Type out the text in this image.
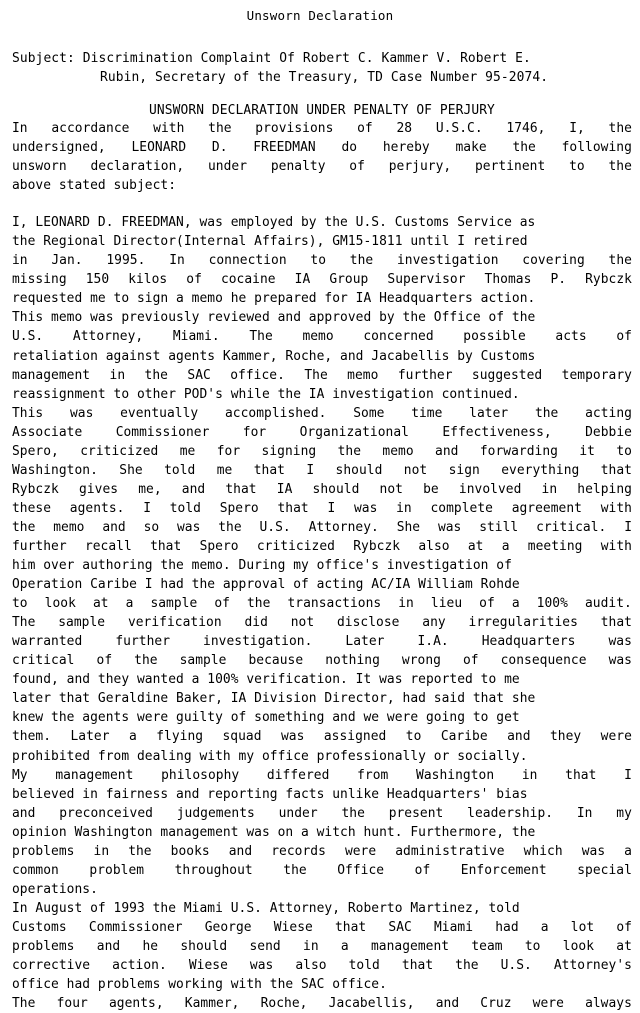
Unsworn Declaration
Subject: Discrimination Complaint Of Robert C. Kammer V. Robert E.
Rubin, Secretary of the Treasury, TD Case Number 95-2074.
UNSWORN DECLARATION UNDER PENALTY OF PERJURY
In accordance with the provisions of 28 U.S.C. 1746, I, the
undersigned, LEONARD D. FREEDMAN do hereby make the following
unsworn declaration, under penalty of perjury, pertinent to the
above stated subject:
I, LEONARD D. FREEDMAN, was employed by the U.S. Customs Service as
the Regional Director(Internal Affairs), GM15-1811 until I retired
in Jan. 1995. In connection to the investigation covering the
missing 150 kilos of cocaine IA Group Supervisor Thomas P. Rybczk
requested me to sign a memo he prepared for IA Headquarters action.
This memo was previously reviewed and approved by the Office of the
U.S. Attorney, Miami. The memo concerned possible acts of
retaliation against agents Kammer, Roche, and Jacabellis by Customs
management in the SAC office. The memo further suggested temporary
reassignment to other POD's while the IA investigation continued.
This was eventually accomplished. Some time later the acting
Associate	Commissioner	for	Organizational	Effectiveness,	Debbie
Spero, criticized me for signing the memo and forwarding it to
Washington. She told me that I should not sign everything that
Rybczk gives me, and that IA should not be involved in helping
these agents. I told Spero that I was in complete agreement with
the memo and so was the U.S. Attorney. She was still critical. I
further recall that Spero criticized Rybczk also at a meeting with
him over authoring the memo. During my office's investigation of
Operation Caribe I had the approval of acting AC/IA William Rohde
to look at a sample of the transactions in lieu of a 100% audit.
The sample verification did not disclose any irregularities that
warranted	further	investigation.	Later	I.A.	Headquarters	was
critical of the sample because nothing wrong of consequence was
found, and they wanted a 100% verification. It was reported to me
later that Geraldine Baker, IA Division Director, had said that she
knew the agents were guilty of something and we were going to get
them. Later a flying squad was assigned to Caribe and they were
prohibited from dealing with my office professionally or socially.
My management philosophy differed from Washington in that I
believed in fairness and reporting facts unlike Headquarters' bias
and preconceived judgements under the present leadership. In my
opinion Washington management was on a witch hunt. Furthermore, the
problems in the books and records were administrative which was a
common problem throughout the Office of Enforcement special
operations.
In August of 1993 the Miami U.S. Attorney, Roberto Martinez, told
Customs Commissioner George Wiese that SAC Miami had a lot of
problems and he should send in a management team to look at
corrective action. Wiese was also told that the U.S. Attorney's
office had problems working with the SAC office.
The four agents, Kammer, Roche, Jacabellis, and Cruz were always
